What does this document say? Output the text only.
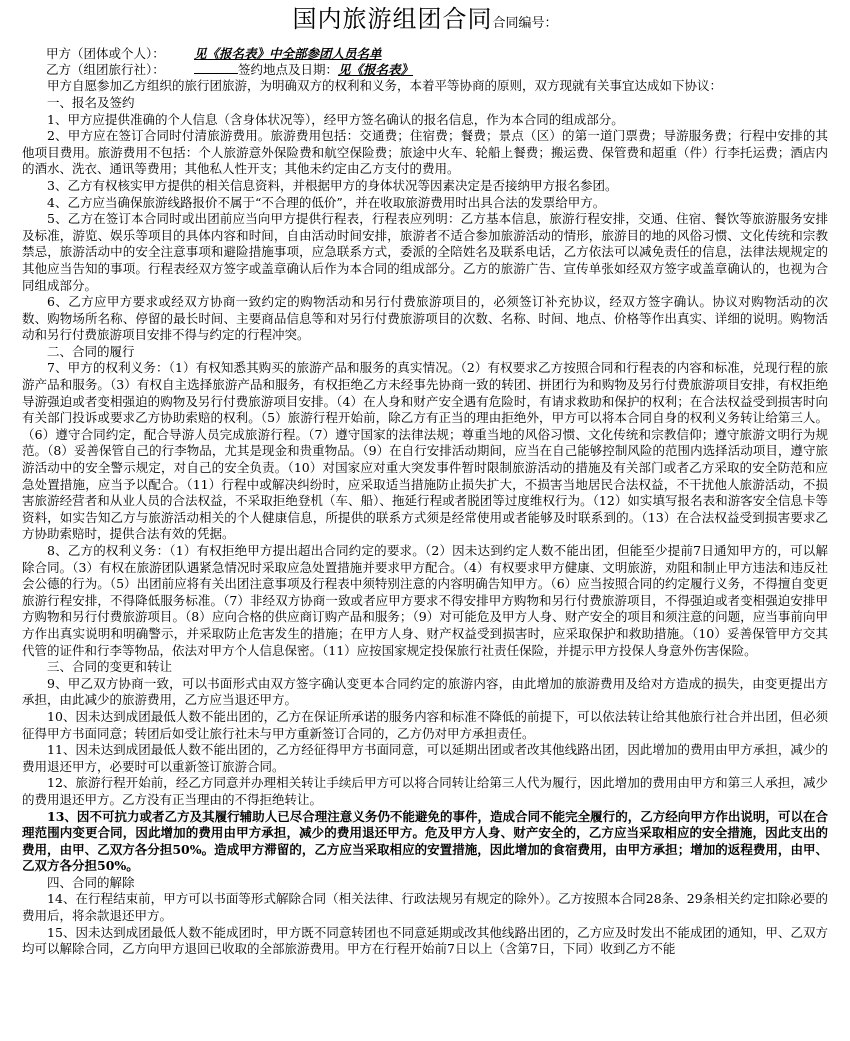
国内旅游组团合同合同编号：
甲方（团体或个人）： 见《报名表》中全部参团人员名单
乙方（组团旅行社）：	签约地点及日期：见《报名表》

甲方自愿参加乙方组织的旅行团旅游，为明确双方的权利和义务，本着平等协商的原则，双方现就有关事宜达成如下协议：

一、报名及签约

1、甲方应提供准确的个人信息（含身体状况等），经甲方签名确认的报名信息，作为本合同的组成部分。

2、甲方应在签订合同时付清旅游费用。旅游费用包括：交通费；住宿费；餐费；景点（区）的第一道门票费；导游服务费；行程中安排的其他项目费用。旅游费用不包括：个人旅游意外保险费和航空保险费；旅途中火车、轮船上餐费；搬运费、保管费和超重（件）行李托运费；酒店内的酒水、洗衣、通讯等费用；其他私人性开支；其他未约定由乙方支付的费用。

3、乙方有权核实甲方提供的相关信息资料，并根据甲方的身体状况等因素决定是否接纳甲方报名参团。

4、乙方应当确保旅游线路报价不属于“不合理的低价”，并在收取旅游费用时出具合法的发票给甲方。

5、乙方在签订本合同时或出团前应当向甲方提供行程表，行程表应列明：乙方基本信息，旅游行程安排，交通、住宿、餐饮等旅游服务安排及标准，游览、娱乐等项目的具体内容和时间，自由活动时间安排，旅游者不适合参加旅游活动的情形，旅游目的地的风俗习惯、文化传统和宗教禁忌，旅游活动中的安全注意事项和避险措施事项，应急联系方式，委派的全陪姓名及联系电话，乙方依法可以减免责任的信息，法律法规规定的其他应当告知的事项。行程表经双方签字或盖章确认后作为本合同的组成部分。乙方的旅游广告、宣传单张如经双方签字或盖章确认的，也视为合同组成部分。

6、乙方应甲方要求或经双方协商一致约定的购物活动和另行付费旅游项目的，必须签订补充协议，经双方签字确认。协议对购物活动的次数、购物场所名称、停留的最长时间、主要商品信息等和对另行付费旅游项目的次数、名称、时间、地点、价格等作出真实、详细的说明。购物活动和另行付费旅游项目安排不得与约定的行程冲突。

二、合同的履行

7、甲方的权利义务：（1）有权知悉其购买的旅游产品和服务的真实情况。（2）有权要求乙方按照合同和行程表的内容和标准，兑现行程的旅游产品和服务。（3）有权自主选择旅游产品和服务，有权拒绝乙方未经事先协商一致的转团、拼团行为和购物及另行付费旅游项目安排，有权拒绝导游强迫或者变相强迫的购物及另行付费旅游项目安排。（4）在人身和财产安全遇有危险时，有请求救助和保护的权利；在合法权益受到损害时向有关部门投诉或要求乙方协助索赔的权利。（5）旅游行程开始前，除乙方有正当的理由拒绝外，甲方可以将本合同自身的权利义务转让给第三人。（6）遵守合同约定，配合导游人员完成旅游行程。（7）遵守国家的法律法规；尊重当地的风俗习惯、文化传统和宗教信仰；遵守旅游文明行为规范。（8）妥善保管自己的行李物品，尤其是现金和贵重物品。（9）在自行安排活动期间，应当在自己能够控制风险的范围内选择活动项目，遵守旅游活动中的安全警示规定，对自己的安全负责。（10）对国家应对重大突发事件暂时限制旅游活动的措施及有关部门或者乙方采取的安全防范和应急处置措施，应当予以配合。（11）行程中或解决纠纷时，应采取适当措施防止损失扩大，不损害当地居民合法权益，不干扰他人旅游活动，不损害旅游经营者和从业人员的合法权益，不采取拒绝登机（车、船）、拖延行程或者脱团等过度维权行为。（12）如实填写报名表和游客安全信息卡等资料，如实告知乙方与旅游活动相关的个人健康信息，所提供的联系方式须是经常使用或者能够及时联系到的。（13）在合法权益受到损害要求乙方协助索赔时，提供合法有效的凭据。

8、乙方的权利义务：（1）有权拒绝甲方提出超出合同约定的要求。（2）因未达到约定人数不能出团，但能至少提前7日通知甲方的，可以解除合同。（3）有权在旅游团队遇紧急情况时采取应急处置措施并要求甲方配合。（4）有权要求甲方健康、文明旅游，劝阻和制止甲方违法和违反社会公德的行为。（5）出团前应将有关出团注意事项及行程表中须特别注意的内容明确告知甲方。（6）应当按照合同的约定履行义务，不得擅自变更旅游行程安排，不得降低服务标准。（7）非经双方协商一致或者应甲方要求不得安排甲方购物和另行付费旅游项目，不得强迫或者变相强迫安排甲方购物和另行付费旅游项目。（8）应向合格的供应商订购产品和服务；（9）对可能危及甲方人身、财产安全的项目和须注意的问题，应当事前向甲方作出真实说明和明确警示，并采取防止危害发生的措施；在甲方人身、财产权益受到损害时，应采取保护和救助措施。（10）妥善保管甲方交其代管的证件和行李等物品，依法对甲方个人信息保密。（11）应按国家规定投保旅行社责任保险，并提示甲方投保人身意外伤害保险。

三、合同的变更和转让

9、甲乙双方协商一致，可以书面形式由双方签字确认变更本合同约定的旅游内容，由此增加的旅游费用及给对方造成的损失，由变更提出方承担，由此减少的旅游费用，乙方应当退还甲方。

10、因未达到成团最低人数不能出团的，乙方在保证所承诺的服务内容和标准不降低的前提下，可以依法转让给其他旅行社合并出团，但必须征得甲方书面同意；转团后如受让旅行社未与甲方重新签订合同的，乙方仍对甲方承担责任。

11、因未达到成团最低人数不能出团的，乙方经征得甲方书面同意，可以延期出团或者改其他线路出团，因此增加的费用由甲方承担，减少的费用退还甲方，必要时可以重新签订旅游合同。

12、旅游行程开始前，经乙方同意并办理相关转让手续后甲方可以将合同转让给第三人代为履行，因此增加的费用由甲方和第三人承担，减少的费用退还甲方。乙方没有正当理由的不得拒绝转让。

13、因不可抗力或者乙方及其履行辅助人已尽合理注意义务仍不能避免的事件，造成合同不能完全履行的，乙方经向甲方作出说明，可以在合理范围内变更合同，因此增加的费用由甲方承担，减少的费用退还甲方。危及甲方人身、财产安全的，乙方应当采取相应的安全措施，因此支出的费用，由甲、乙双方各分担50%。造成甲方滞留的，乙方应当采取相应的安置措施，因此增加的食宿费用，由甲方承担；增加的返程费用，由甲、乙双方各分担50%。

四、合同的解除

14、在行程结束前，甲方可以书面等形式解除合同（相关法律、行政法规另有规定的除外）。乙方按照本合同28条、29条相关约定扣除必要的费用后，将余款退还甲方。

15、因未达到成团最低人数不能成团时，甲方既不同意转团也不同意延期或改其他线路出团的，乙方应及时发出不能成团的通知，甲、乙双方均可以解除合同，乙方向甲方退回已收取的全部旅游费用。甲方在行程开始前7日以上（含第7日，下同）收到乙方不能
